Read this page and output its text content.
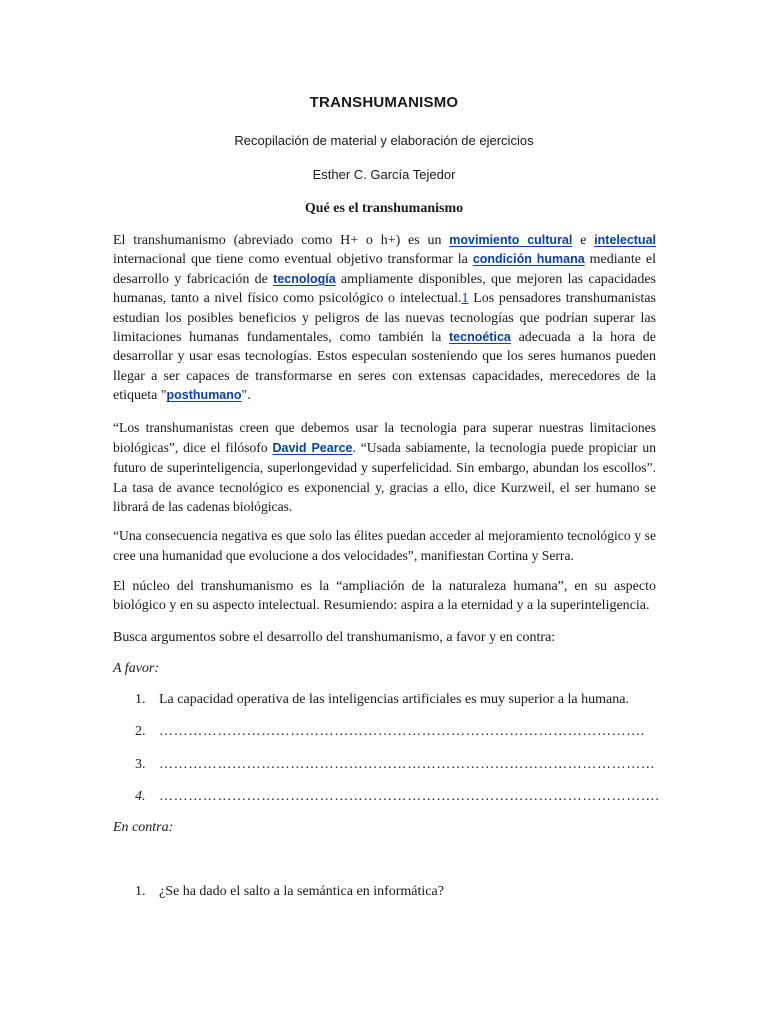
TRANSHUMANISMO
Recopilación de material y elaboración de ejercicios
Esther C. García Tejedor
Qué es el transhumanismo

El transhumanismo (abreviado como H+ o h+) es un movimiento cultural e intelectual internacional que tiene como eventual objetivo transformar la condición humana mediante el desarrollo y fabricación de tecnología ampliamente disponibles, que mejoren las capacidades humanas, tanto a nivel físico como psicológico o intelectual.1 Los pensadores transhumanistas estudian los posibles beneficios y peligros de las nuevas tecnologías que podrían superar las limitaciones humanas fundamentales, como también la tecnoética adecuada a la hora de desarrollar y usar esas tecnologías. Estos especulan sosteniendo que los seres humanos pueden llegar a ser capaces de transformarse en seres con extensas capacidades, merecedores de la etiqueta "posthumano".

“Los transhumanistas creen que debemos usar la tecnologia para superar nuestras limitaciones biológicas”, dice el filósofo David Pearce. “Usada sabiamente, la tecnologia puede propiciar un futuro de superinteligencia, superlongevidad y superfelicidad. Sin embargo, abundan los escollos”. La tasa de avance tecnológico es exponencial y, gracias a ello, dice Kurzweil, el ser humano se librará de las cadenas biológicas.

“Una consecuencia negativa es que solo las élites puedan acceder al mejoramiento tecnológico y se cree una humanidad que evolucione a dos velocidades”, manifiestan Cortina y Serra.

El núcleo del transhumanismo es la “ampliación de la naturaleza humana”, en su aspecto biológico y en su aspecto intelectual. Resumiendo: aspira a la eternidad y a la superinteligencia.

Busca argumentos sobre el desarrollo del transhumanismo, a favor y en contra:

A favor:
1. La capacidad operativa de las inteligencias artificiales es muy superior a la humana.
2. ……………………………………………………………………………………….
3. …………………………………………………………………………………………
4. ………………………………………………………………………………………….
En contra:
1. ¿Se ha dado el salto a la semántica en informática?
